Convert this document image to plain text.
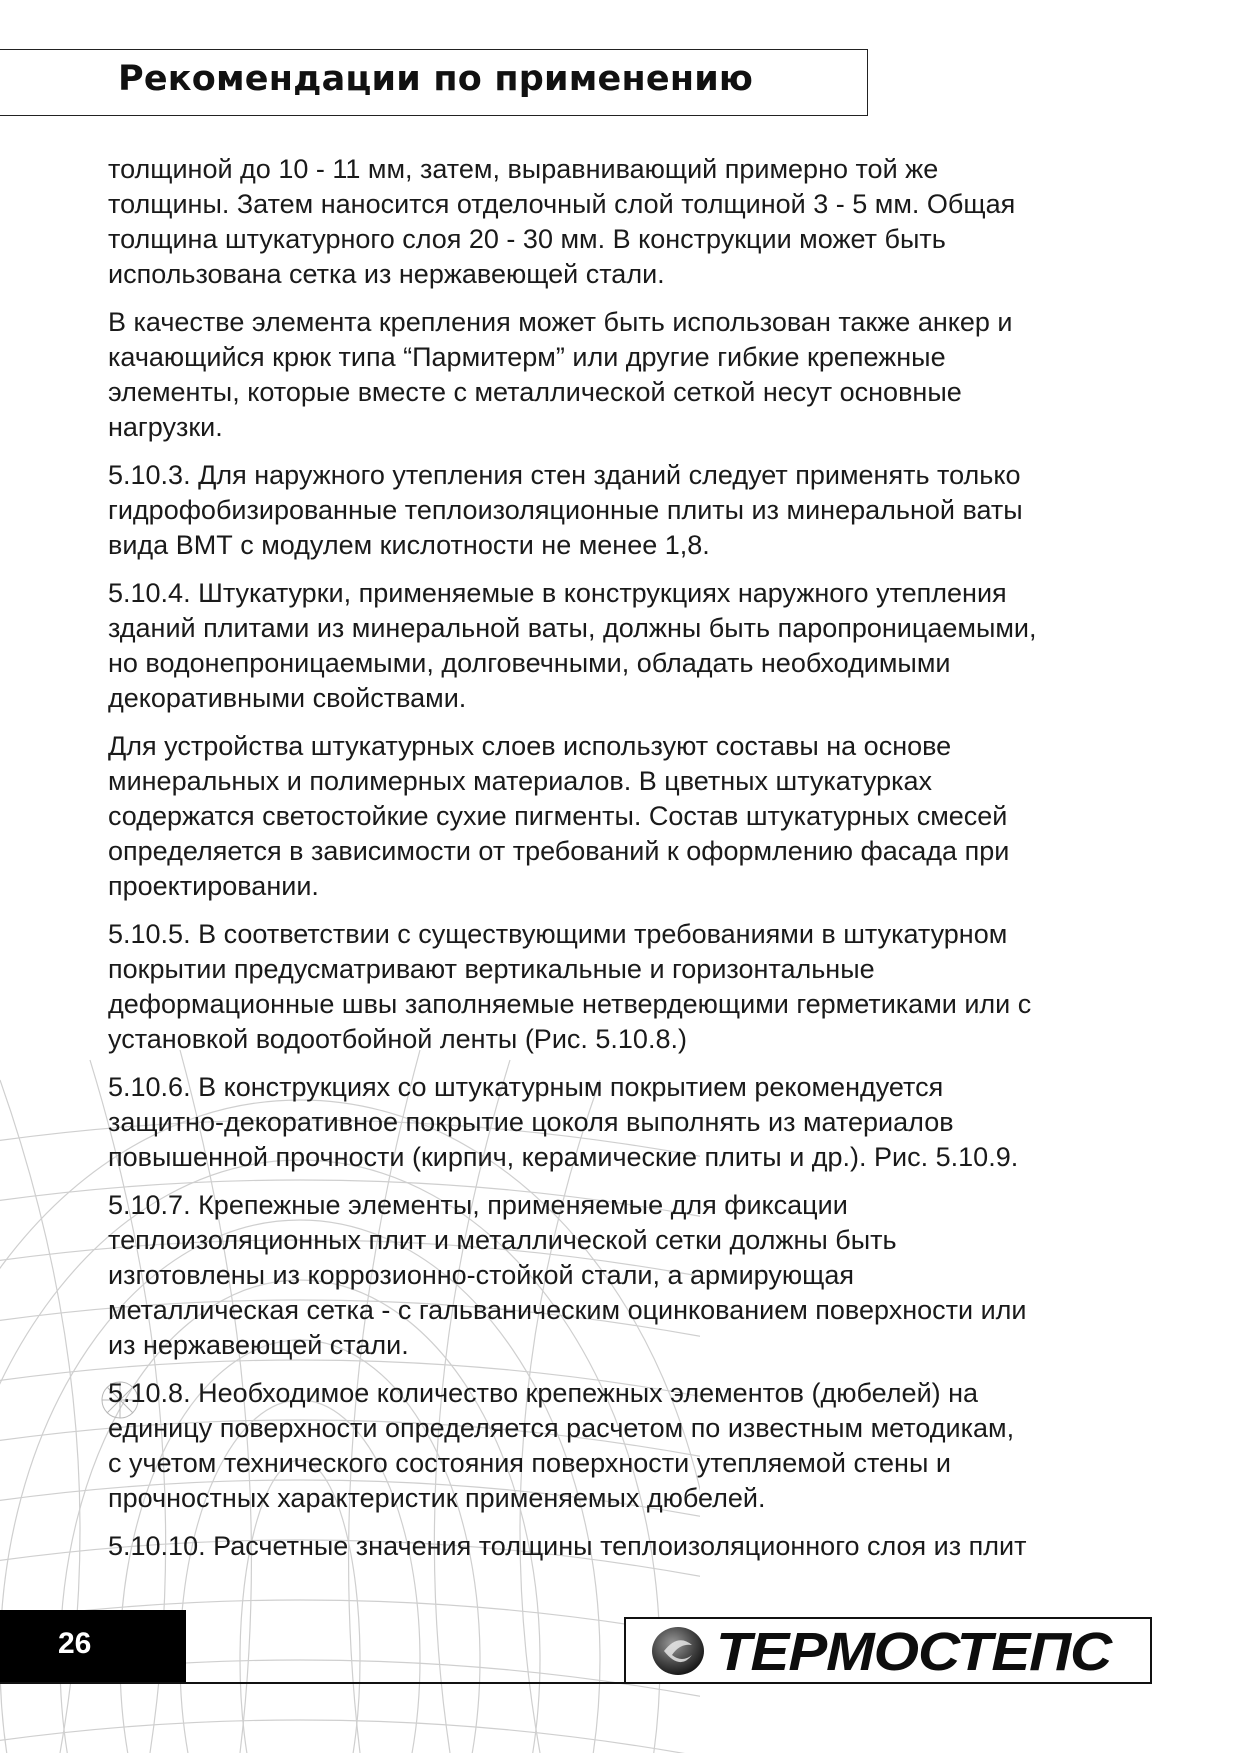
Рекомендации по применению

толщиной до 10 - 11 мм, затем, выравнивающий примерно той же
толщины. Затем наносится отделочный слой толщиной 3 - 5 мм. Общая
толщина штукатурного слоя 20 - 30 мм. В конструкции может быть
использована сетка из нержавеющей стали.

В качестве элемента крепления может быть использован также анкер и
качающийся крюк типа “Пармитерм” или другие гибкие крепежные
элементы, которые вместе с металлической сеткой несут основные
нагрузки.

5.10.3. Для наружного утепления стен зданий следует применять только
гидрофобизированные теплоизоляционные плиты из минеральной ваты
вида ВМТ с модулем кислотности не менее 1,8.

5.10.4. Штукатурки, применяемые в конструкциях наружного утепления
зданий плитами из минеральной ваты, должны быть паропроницаемыми,
но водонепроницаемыми, долговечными, обладать необходимыми
декоративными свойствами.

Для устройства штукатурных слоев используют составы на основе
минеральных и полимерных материалов. В цветных штукатурках
содержатся светостойкие сухие пигменты. Состав штукатурных смесей
определяется в зависимости от требований к оформлению фасада при
проектировании.

5.10.5. В соответствии с существующими требованиями в штукатурном
покрытии предусматривают вертикальные и горизонтальные
деформационные швы заполняемые нетвердеющими герметиками или с
установкой водоотбойной ленты (Рис. 5.10.8.)

5.10.6. В конструкциях со штукатурным покрытием рекомендуется
защитно-декоративное покрытие цоколя выполнять из материалов
повышенной прочности (кирпич, керамические плиты и др.). Рис. 5.10.9.

5.10.7. Крепежные элементы, применяемые для фиксации
теплоизоляционных плит и металлической сетки должны быть
изготовлены из коррозионно-стойкой стали, а армирующая
металлическая сетка - с гальваническим оцинкованием поверхности или
из нержавеющей стали.

5.10.8. Необходимое количество крепежных элементов (дюбелей) на
единицу поверхности определяется расчетом по известным методикам,
с учетом технического состояния поверхности утепляемой стены и
прочностных характеристик применяемых дюбелей.

5.10.10. Расчетные значения толщины теплоизоляционного слоя из плит

26	ТЕРМОСТЕПС
